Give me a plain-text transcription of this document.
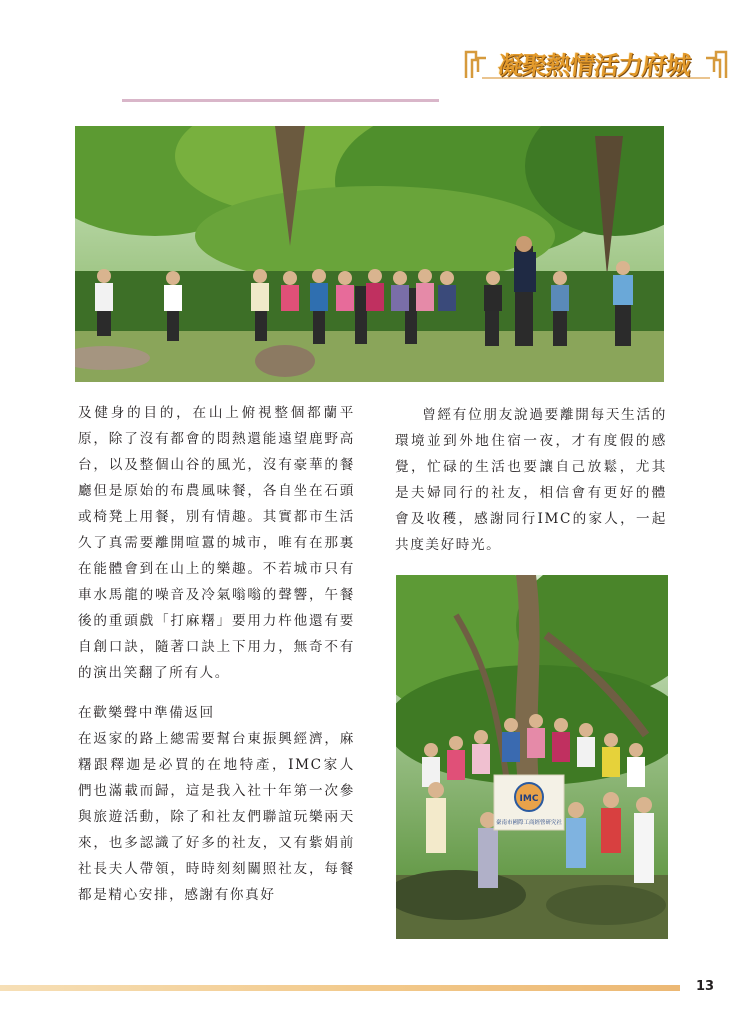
凝聚熱情活力府城

及健身的目的，在山上俯視整個都蘭平原，除了沒有都會的悶熱還能遠望鹿野高台，以及整個山谷的風光，沒有豪華的餐廳但是原始的布農風味餐，各自坐在石頭或椅凳上用餐，別有情趣。其實都市生活久了真需要離開喧囂的城市，唯有在那裏在能體會到在山上的樂趣。不若城市只有車水馬龍的噪音及冷氣嗡嗡的聲響，午餐後的重頭戲「打麻糬」要用力杵他還有要自創口訣，隨著口訣上下用力，無奇不有的演出笑翻了所有人。

在歡樂聲中準備返回

在返家的路上總需要幫台東振興經濟，麻糬跟釋迦是必買的在地特產，IMC家人們也滿載而歸，這是我入社十年第一次參與旅遊活動，除了和社友們聯誼玩樂兩天來，也多認識了好多的社友，又有紫娟前社長夫人帶領，時時刻刻關照社友，每餐都是精心安排，感謝有你真好

曾經有位朋友說過要離開每天生活的環境並到外地住宿一夜，才有度假的感覺，忙碌的生活也要讓自己放鬆，尤其是夫婦同行的社友，相信會有更好的體會及收穫，感謝同行IMC的家人，一起共度美好時光。

IMC
臺南市國際工商經營研究社
13
